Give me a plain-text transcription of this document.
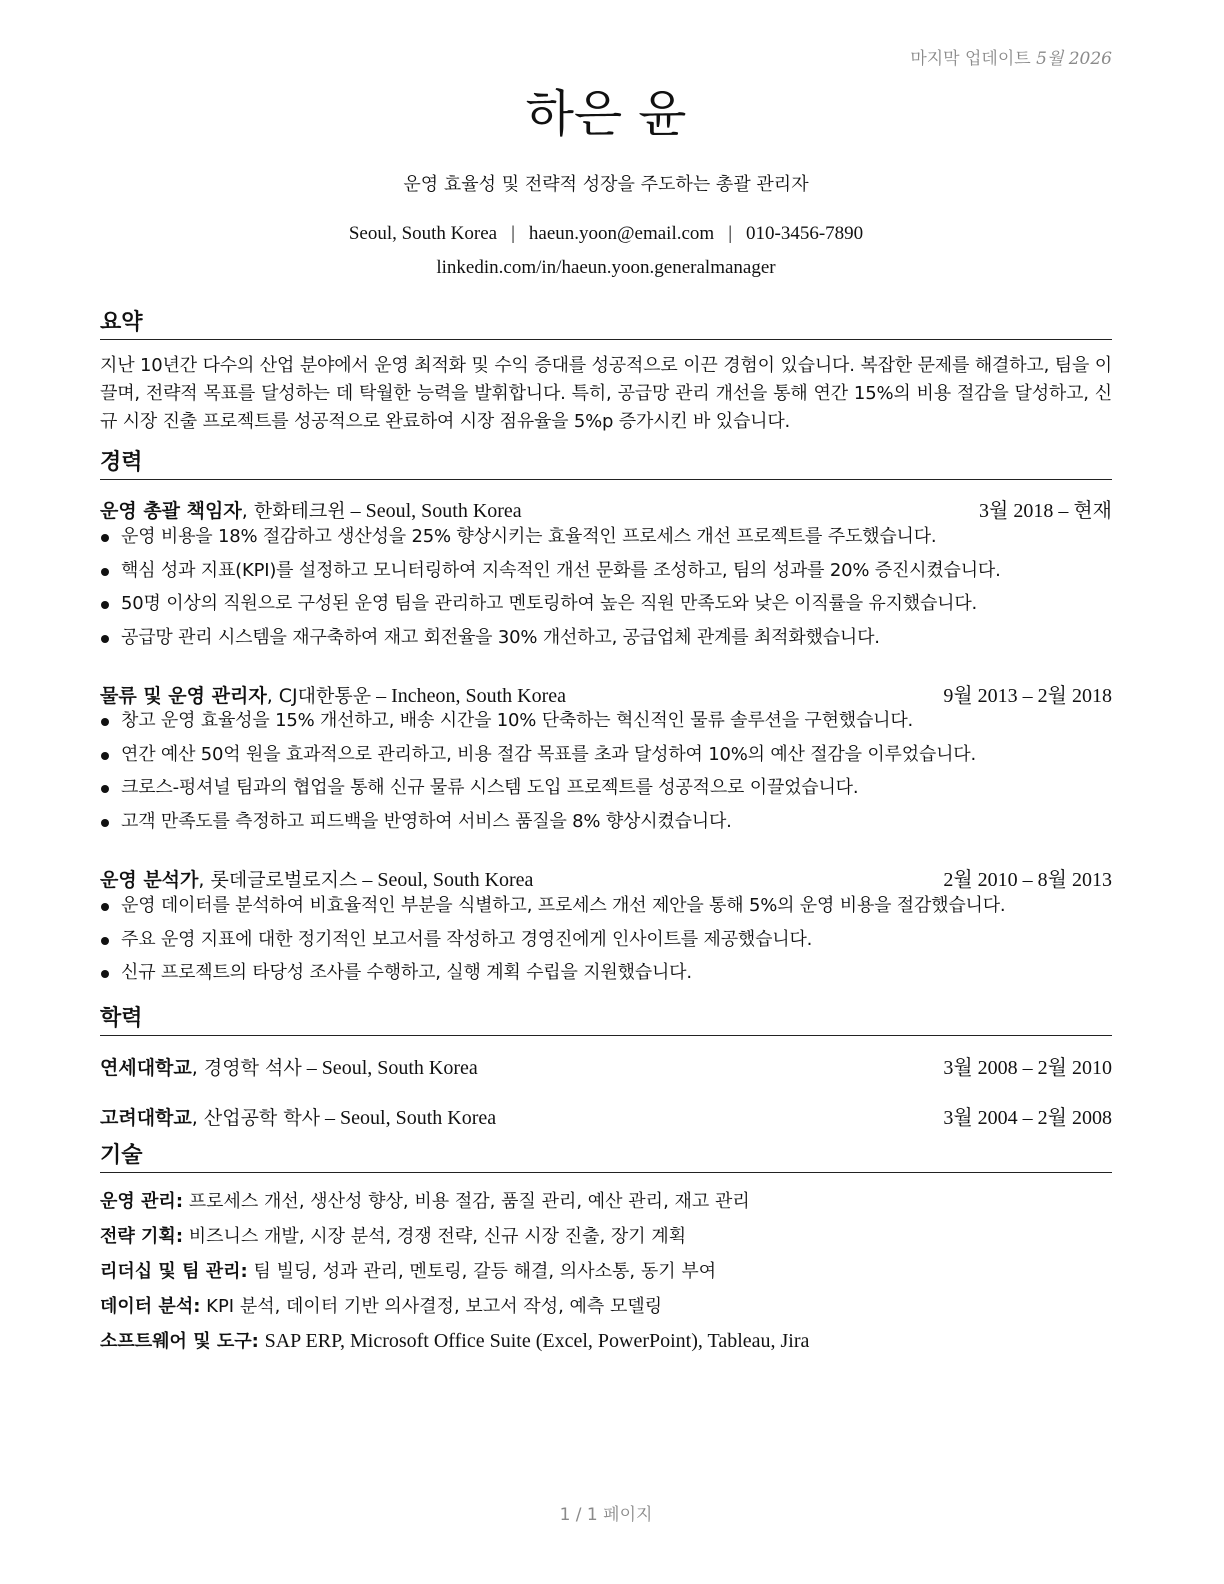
마지막 업데이트 5월 2026
하은 윤
운영 효율성 및 전략적 성장을 주도하는 총괄 관리자
Seoul, South Korea | haeun.yoon@email.com | 010-3456-7890
linkedin.com/in/haeun.yoon.generalmanager
요약
지난 10년간 다수의 산업 분야에서 운영 최적화 및 수익 증대를 성공적으로 이끈 경험이 있습니다. 복잡한 문제를 해결하고, 팀을 이끌며, 전략적 목표를 달성하는 데 탁월한 능력을 발휘합니다. 특히, 공급망 관리 개선을 통해 연간 15%의 비용 절감을 달성하고, 신규 시장 진출 프로젝트를 성공적으로 완료하여 시장 점유율을 5%p 증가시킨 바 있습니다.
경력
운영 총괄 책임자, 한화테크윈 – Seoul, South Korea	3월 2018 – 현재
운영 비용을 18% 절감하고 생산성을 25% 향상시키는 효율적인 프로세스 개선 프로젝트를 주도했습니다.
핵심 성과 지표(KPI)를 설정하고 모니터링하여 지속적인 개선 문화를 조성하고, 팀의 성과를 20% 증진시켰습니다.
50명 이상의 직원으로 구성된 운영 팀을 관리하고 멘토링하여 높은 직원 만족도와 낮은 이직률을 유지했습니다.
공급망 관리 시스템을 재구축하여 재고 회전율을 30% 개선하고, 공급업체 관계를 최적화했습니다.
물류 및 운영 관리자, CJ대한통운 – Incheon, South Korea	9월 2013 – 2월 2018
창고 운영 효율성을 15% 개선하고, 배송 시간을 10% 단축하는 혁신적인 물류 솔루션을 구현했습니다.
연간 예산 50억 원을 효과적으로 관리하고, 비용 절감 목표를 초과 달성하여 10%의 예산 절감을 이루었습니다.
크로스-펑셔널 팀과의 협업을 통해 신규 물류 시스템 도입 프로젝트를 성공적으로 이끌었습니다.
고객 만족도를 측정하고 피드백을 반영하여 서비스 품질을 8% 향상시켰습니다.
운영 분석가, 롯데글로벌로지스 – Seoul, South Korea	2월 2010 – 8월 2013
운영 데이터를 분석하여 비효율적인 부분을 식별하고, 프로세스 개선 제안을 통해 5%의 운영 비용을 절감했습니다.
주요 운영 지표에 대한 정기적인 보고서를 작성하고 경영진에게 인사이트를 제공했습니다.
신규 프로젝트의 타당성 조사를 수행하고, 실행 계획 수립을 지원했습니다.
학력
연세대학교, 경영학 석사 – Seoul, South Korea	3월 2008 – 2월 2010
고려대학교, 산업공학 학사 – Seoul, South Korea	3월 2004 – 2월 2008
기술
운영 관리: 프로세스 개선, 생산성 향상, 비용 절감, 품질 관리, 예산 관리, 재고 관리
전략 기획: 비즈니스 개발, 시장 분석, 경쟁 전략, 신규 시장 진출, 장기 계획
리더십 및 팀 관리: 팀 빌딩, 성과 관리, 멘토링, 갈등 해결, 의사소통, 동기 부여
데이터 분석: KPI 분석, 데이터 기반 의사결정, 보고서 작성, 예측 모델링
소프트웨어 및 도구: SAP ERP, Microsoft Office Suite (Excel, PowerPoint), Tableau, Jira
1 / 1 페이지
